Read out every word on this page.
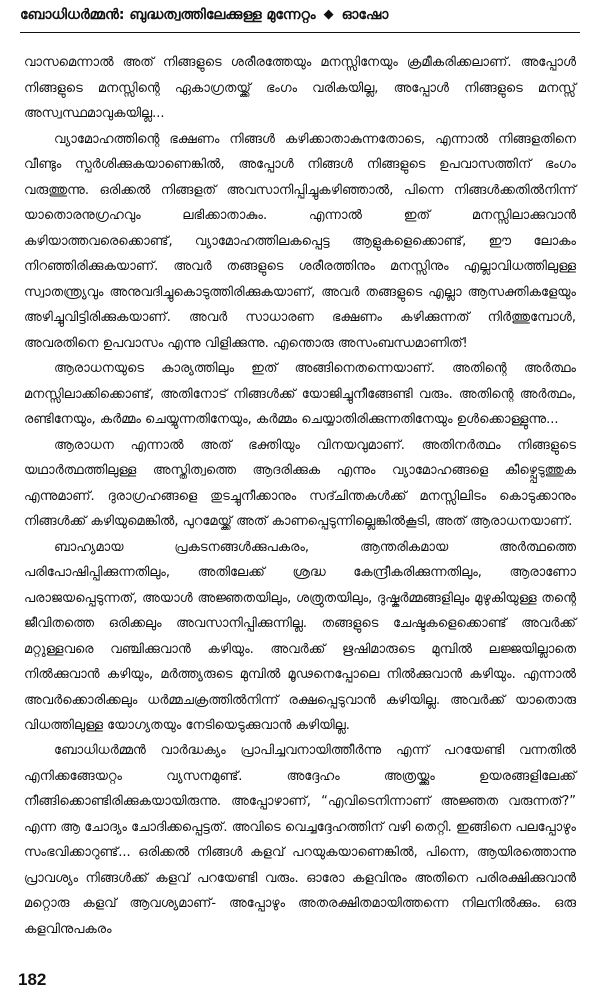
ബോധിധർമ്മൻ: ബുദ്ധത്വത്തിലേക്കുള്ള മുന്നേറ്റം ◆ ഓഷോ

വാസമെന്നാൽ അത് നിങ്ങളുടെ ശരീരത്തേയും മനസ്സിനേയും ക്രമീകരിക്കലാണ്. അപ്പോൾ നിങ്ങളുടെ മനസ്സിന്റെ ഏകാഗ്രതയ്ക്ക് ഭംഗം വരികയില്ല, അപ്പോൾ നിങ്ങളുടെ മനസ്സ് അസ്വസ്ഥമാവുകയില്ല...

വ്യാമോഹത്തിന്റെ ഭക്ഷണം നിങ്ങൾ കഴിക്കാതാകുന്നതോടെ, എന്നാൽ നിങ്ങളതിനെ വീണ്ടും സ്പർശിക്കുകയാണെങ്കിൽ, അപ്പോൾ നിങ്ങൾ നിങ്ങളുടെ ഉപവാസത്തിന് ഭംഗം വരുത്തുന്നു. ഒരിക്കൽ നിങ്ങളത് അവസാനിപ്പിച്ചുകഴിഞ്ഞാൽ, പിന്നെ നിങ്ങൾക്കതിൽനിന്ന് യാതൊരനുഗ്രഹവും ലഭിക്കാതാകും. എന്നാൽ ഇത് മനസ്സിലാക്കുവാൻ കഴിയാത്തവരെക്കൊണ്ട്, വ്യാമോഹത്തിലകപ്പെട്ട ആളുകളെക്കൊണ്ട്, ഈ ലോകം നിറഞ്ഞിരിക്കുകയാണ്. അവർ തങ്ങളുടെ ശരീരത്തിനും മനസ്സിനും എല്ലാവിധത്തിലുള്ള സ്വാതന്ത്ര്യവും അനുവദിച്ചുകൊടുത്തിരിക്കുകയാണ്, അവർ തങ്ങളുടെ എല്ലാ ആസക്തികളേയും അഴിച്ചുവിട്ടിരിക്കുകയാണ്. അവർ സാധാരണ ഭക്ഷണം കഴിക്കുന്നത് നിർത്തുമ്പോൾ, അവരതിനെ ഉപവാസം എന്നു വിളിക്കുന്നു. എന്തൊരു അസംബന്ധമാണിത്!

ആരാധനയുടെ കാര്യത്തിലും ഇത് അങ്ങിനെതന്നെയാണ്. അതിന്റെ അർത്ഥം മനസ്സിലാക്കിക്കൊണ്ട്, അതിനോട് നിങ്ങൾക്ക് യോജിച്ചുനീങ്ങേണ്ടി വരും. അതിന്റെ അർത്ഥം, രണ്ടിനേയും, കർമ്മം ചെയ്യുന്നതിനേയും, കർമ്മം ചെയ്യാതിരിക്കുന്നതിനേയും ഉൾക്കൊള്ളുന്നു...

ആരാധന എന്നാൽ അത് ഭക്തിയും വിനയവുമാണ്. അതിനർത്ഥം നിങ്ങളുടെ യഥാർത്ഥത്തിലുള്ള അസ്തിത്വത്തെ ആദരിക്കുക എന്നും വ്യാമോഹങ്ങളെ കീഴ്പ്പെടുത്തുക എന്നുമാണ്. ദുരാഗ്രഹങ്ങളെ തുടച്ചുനീക്കാനും സദ്ചിന്തകൾക്ക് മനസ്സിലിടം കൊടുക്കാനും നിങ്ങൾക്ക് കഴിയുമെങ്കിൽ, പുറമേയ്ക്ക് അത് കാണപ്പെടുന്നില്ലെങ്കിൽകൂടി, അത് ആരാധനയാണ്.

ബാഹ്യമായ പ്രകടനങ്ങൾക്കുപകരം, ആന്തരികമായ അർത്ഥത്തെ പരിപോഷിപ്പിക്കുന്നതിലും, അതിലേക്ക് ശ്രദ്ധ കേന്ദ്രീകരിക്കുന്നതിലും, ആരാണോ പരാജയപ്പെടുന്നത്, അയാൾ അജ്ഞതയിലും, ശത്രുതയിലും, ദുഷ്കർമ്മങ്ങളിലും മുഴുകിയുള്ള തന്റെ ജീവിതത്തെ ഒരിക്കലും അവസാനിപ്പിക്കുന്നില്ല. തങ്ങളുടെ ചേഷ്ടകളെക്കൊണ്ട് അവർക്ക് മറ്റുള്ളവരെ വഞ്ചിക്കുവാൻ കഴിയും. അവർക്ക് ഋഷിമാരുടെ മുമ്പിൽ ലജ്ജയില്ലാതെ നിൽക്കുവാൻ കഴിയും, മർത്ത്യരുടെ മുമ്പിൽ മൂഢനെപ്പോലെ നിൽക്കുവാൻ കഴിയും. എന്നാൽ അവർക്കൊരിക്കലും ധർമ്മചക്രത്തിൽനിന്ന് രക്ഷപ്പെടുവാൻ കഴിയില്ല. അവർക്ക് യാതൊരു വിധത്തിലുള്ള യോഗ്യതയും നേടിയെടുക്കുവാൻ കഴിയില്ല.

ബോധിധർമ്മൻ വാർദ്ധക്യം പ്രാപിച്ചവനായിത്തീർന്നു എന്ന് പറയേണ്ടി വന്നതിൽ എനിക്കങ്ങേയറ്റം വ്യസനമുണ്ട്. അദ്ദേഹം അത്രയ്ക്കും ഉയരങ്ങളിലേക്ക് നീങ്ങിക്കൊണ്ടിരിക്കുകയായിരുന്നു. അപ്പോഴാണ്, “എവിടെനിന്നാണ് അജ്ഞത വരുന്നത്?” എന്ന ആ ചോദ്യം ചോദിക്കപ്പെട്ടത്. അവിടെ വെച്ചദ്ദേഹത്തിന് വഴി തെറ്റി. ഇങ്ങിനെ പലപ്പോഴും സംഭവിക്കാറുണ്ട്... ഒരിക്കൽ നിങ്ങൾ കളവ് പറയുകയാണെങ്കിൽ, പിന്നെ, ആയിരത്തൊന്നു പ്രാവശ്യം നിങ്ങൾക്ക് കളവ് പറയേണ്ടി വരും. ഓരോ കളവിനും അതിനെ പരിരക്ഷിക്കുവാൻ മറ്റൊരു കളവ് ആവശ്യമാണ്- അപ്പോഴും അതരക്ഷിതമായിത്തന്നെ നിലനിൽക്കും. ഒരു കളവിനുപകരം

182
